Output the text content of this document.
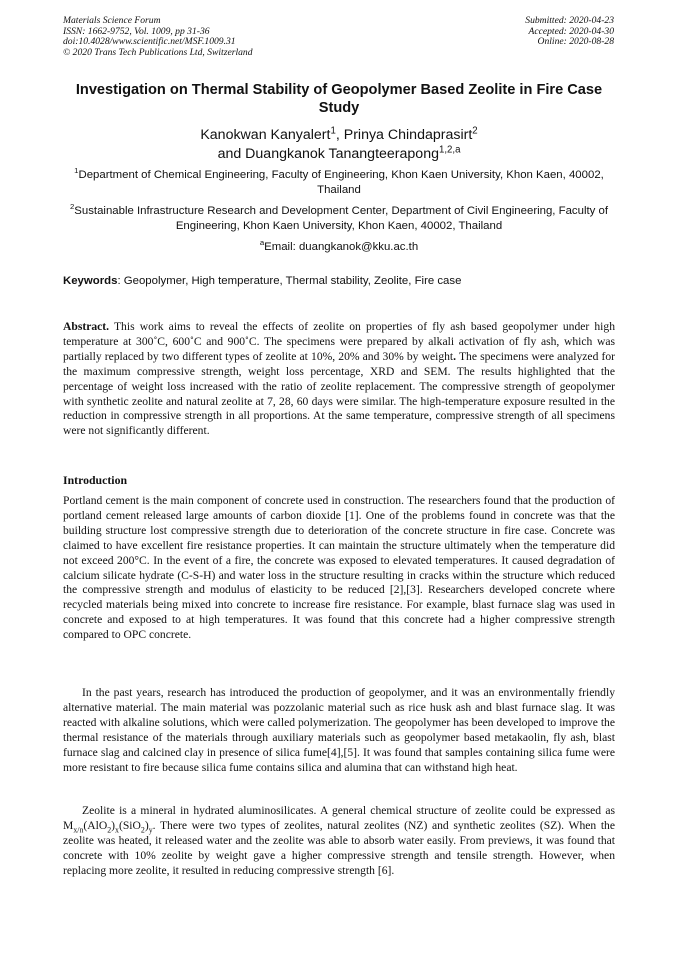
Materials Science Forum
ISSN: 1662-9752, Vol. 1009, pp 31-36
doi:10.4028/www.scientific.net/MSF.1009.31
© 2020 Trans Tech Publications Ltd, Switzerland
Submitted: 2020-04-23
Accepted: 2020-04-30
Online: 2020-08-28
Investigation on Thermal Stability of Geopolymer Based Zeolite in Fire Case Study
Kanokwan Kanyalert$^1$, Prinya Chindaprasirt$^2$
and Duangkanok Tanangteerapong$^{1,2,a}$
$^1$Department of Chemical Engineering, Faculty of Engineering, Khon Kaen University, Khon Kaen, 40002, Thailand
$^2$Sustainable Infrastructure Research and Development Center, Department of Civil Engineering, Faculty of Engineering, Khon Kaen University, Khon Kaen, 40002, Thailand
$^a$Email: duangkanok@kku.ac.th
Keywords: Geopolymer, High temperature, Thermal stability, Zeolite, Fire case

Abstract. This work aims to reveal the effects of zeolite on properties of fly ash based geopolymer under high temperature at 300˚C, 600˚C and 900˚C. The specimens were prepared by alkali activation of fly ash, which was partially replaced by two different types of zeolite at 10%, 20% and 30% by weight. The specimens were analyzed for the maximum compressive strength, weight loss percentage, XRD and SEM. The results highlighted that the percentage of weight loss increased with the ratio of zeolite replacement. The compressive strength of geopolymer with synthetic zeolite and natural zeolite at 7, 28, 60 days were similar. The high-temperature exposure resulted in the reduction in compressive strength in all proportions. At the same temperature, compressive strength of all specimens were not significantly different.

Introduction

Portland cement is the main component of concrete used in construction. The researchers found that the production of portland cement released large amounts of carbon dioxide [1]. One of the problems found in concrete was that the building structure lost compressive strength due to deterioration of the concrete structure in fire case. Concrete was claimed to have excellent fire resistance properties. It can maintain the structure ultimately when the temperature did not exceed 200°C. In the event of a fire, the concrete was exposed to elevated temperatures. It caused degradation of calcium silicate hydrate (C-S-H) and water loss in the structure resulting in cracks within the structure which reduced the compressive strength and modulus of elasticity to be reduced [2],[3]. Researchers developed concrete where recycled materials being mixed into concrete to increase fire resistance. For example, blast furnace slag was used in concrete and exposed to at high temperatures. It was found that this concrete had a higher compressive strength compared to OPC concrete.

In the past years, research has introduced the production of geopolymer, and it was an environmentally friendly alternative material. The main material was pozzolanic material such as rice husk ash and blast furnace slag. It was reacted with alkaline solutions, which were called polymerization. The geopolymer has been developed to improve the thermal resistance of the materials through auxiliary materials such as geopolymer based metakaolin, fly ash, blast furnace slag and calcined clay in presence of silica fume[4],[5]. It was found that samples containing silica fume were more resistant to fire because silica fume contains silica and alumina that can withstand high heat.

Zeolite is a mineral in hydrated aluminosilicates. A general chemical structure of zeolite could be expressed as $M_{x/n}(AlO_2)_x(SiO_2)_y$. There were two types of zeolites, natural zeolites (NZ) and synthetic zeolites (SZ). When the zeolite was heated, it released water and the zeolite was able to absorb water easily. From previews, it was found that concrete with 10% zeolite by weight gave a higher compressive strength and tensile strength. However, when replacing more zeolite, it resulted in reducing compressive strength [6].
